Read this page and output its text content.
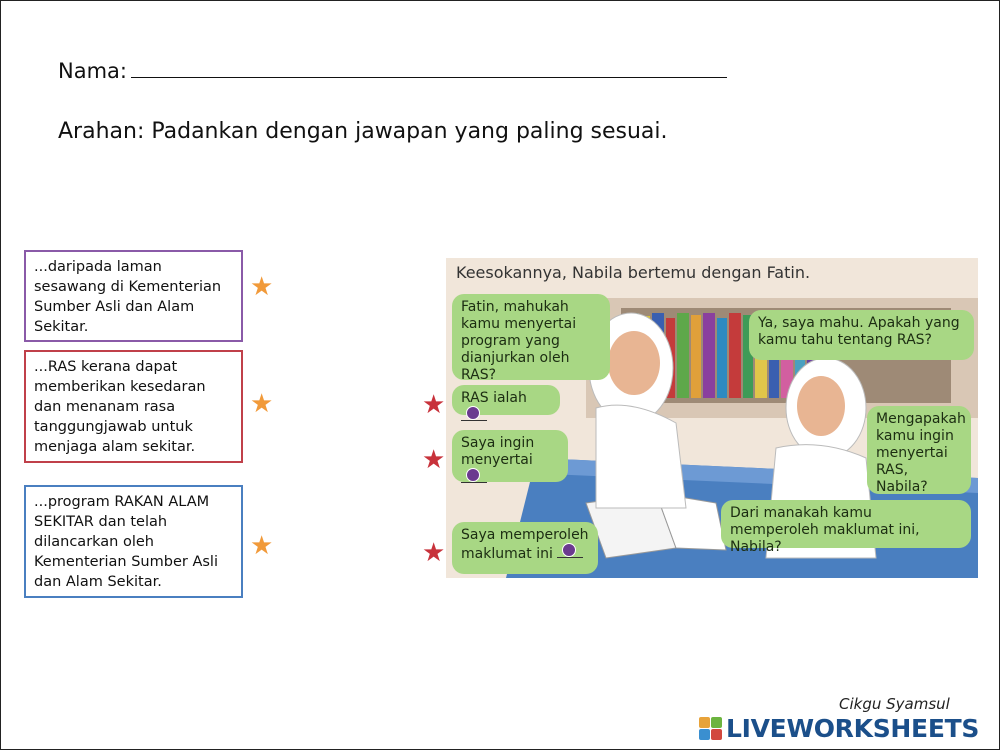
Nama:
Arahan: Padankan dengan jawapan yang paling sesuai.
...daripada laman sesawang di Kementerian Sumber Asli dan Alam Sekitar.
...RAS kerana dapat memberikan kesedaran dan menanam rasa tanggungjawab untuk menjaga alam sekitar.
...program RAKAN ALAM SEKITAR dan telah dilancarkan oleh Kementerian Sumber Asli dan Alam Sekitar.
★
★
★
★
★
★
Keesokannya, Nabila bertemu dengan Fatin.
Fatin, mahukah kamu menyertai program yang dianjurkan oleh RAS?
RAS ialah
Saya ingin
menyertai
Saya memperoleh
maklumat ini
Ya, saya mahu. Apakah yang kamu tahu tentang RAS?
Mengapakah kamu ingin menyertai RAS, Nabila?
Dari manakah kamu memperoleh maklumat ini, Nabila?
Cikgu Syamsul
LIVEWORKSHEETS
